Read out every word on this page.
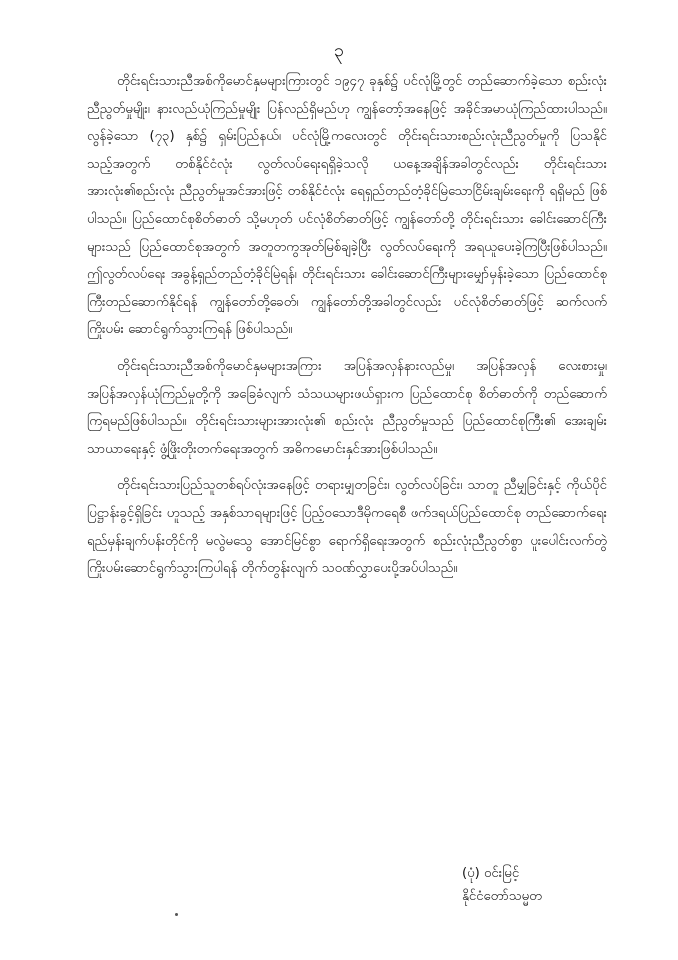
၃

တိုင်းရင်းသားညီအစ်ကိုမောင်နှမများကြားတွင် ၁၉၄၇ ခုနှစ်၌ ပင်လုံမြို့တွင် တည်ဆောက်ခဲ့သော စည်းလုံးညီညွတ်မှုမျိုး၊ နားလည်ယုံကြည်မှုမျိုး ပြန်လည်ရှိမည်ဟု ကျွန်တော့်အနေဖြင့် အခိုင်အမာယုံကြည်ထားပါသည်။ လွန်ခဲ့သော (၇၃) နှစ်၌ ရှမ်းပြည်နယ်၊ ပင်လုံမြို့ကလေးတွင် တိုင်းရင်းသားစည်းလုံးညီညွတ်မှုကို ပြသနိုင်သည့်အတွက် တစ်နိုင်ငံလုံး လွတ်လပ်ရေးရရှိခဲ့သလို ယနေ့အချိန်အခါတွင်လည်း တိုင်းရင်းသားအားလုံး၏စည်းလုံး ညီညွတ်မှုအင်အားဖြင့် တစ်နိုင်ငံလုံး ရေရှည်တည်တံ့ခိုင်မြဲသောငြိမ်းချမ်းရေးကို ရရှိမည် ဖြစ်ပါသည်။ ပြည်ထောင်စုစိတ်ဓာတ် သို့မဟုတ် ပင်လုံစိတ်ဓာတ်ဖြင့် ကျွန်တော်တို့ တိုင်းရင်းသား ခေါင်းဆောင်ကြီးများသည် ပြည်ထောင်စုအတွက် အတူတကွအုတ်မြစ်ချခဲ့ပြီး လွတ်လပ်ရေးကို အရယူပေးခဲ့ကြပြီးဖြစ်ပါသည်။ ဤလွတ်လပ်ရေး အခွန့်ရှည်တည်တံ့ခိုင်မြဲရန်၊ တိုင်းရင်းသား ခေါင်းဆောင်ကြီးများမျှော်မှန်းခဲ့သော ပြည်ထောင်စုကြီးတည်ဆောက်နိုင်ရန် ကျွန်တော်တို့ခေတ်၊ ကျွန်တော်တို့အခါတွင်လည်း ပင်လုံစိတ်ဓာတ်ဖြင့် ဆက်လက်ကြိုးပမ်း ဆောင်ရွက်သွားကြရန် ဖြစ်ပါသည်။

တိုင်းရင်းသားညီအစ်ကိုမောင်နှမများအကြား အပြန်အလှန်နားလည်မှု၊ အပြန်အလှန် လေးစားမှု၊ အပြန်အလှန်ယုံကြည်မှုတို့ကို အခြေခံလျက် သံသယများဖယ်ရှားက ပြည်ထောင်စု စိတ်ဓာတ်ကို တည်ဆောက်ကြရမည်ဖြစ်ပါသည်။ တိုင်းရင်းသားများအားလုံး၏ စည်းလုံး ညီညွတ်မှုသည် ပြည်ထောင်စုကြီး၏ အေးချမ်းသာယာရေးနှင့် ဖွံ့ဖြိုးတိုးတက်ရေးအတွက် အဓိကမောင်းနှင်အားဖြစ်ပါသည်။

တိုင်းရင်းသားပြည်သူတစ်ရပ်လုံးအနေဖြင့် တရားမျှတခြင်း၊ လွတ်လပ်ခြင်း၊ သာတူ ညီမျှခြင်းနှင့် ကိုယ်ပိုင်ပြဋ္ဌာန်းခွင့်ရှိခြင်း ဟူသည့် အနှစ်သာရများဖြင့် ပြည့်ဝသောဒီမိုကရေစီ ဖက်ဒရယ်ပြည်ထောင်စု တည်ဆောက်ရေး ရည်မှန်းချက်ပန်းတိုင်ကို မလွဲမသွေ အောင်မြင်စွာ ရောက်ရှိရေးအတွက် စည်းလုံးညီညွတ်စွာ ပူးပေါင်းလက်တွဲ ကြိုးပမ်းဆောင်ရွက်သွားကြပါရန် တိုက်တွန်းလျက် သဝဏ်လွှာပေးပို့အပ်ပါသည်။

(ပုံ) ဝင်းမြင့်
နိုင်ငံတော်သမ္မတ
